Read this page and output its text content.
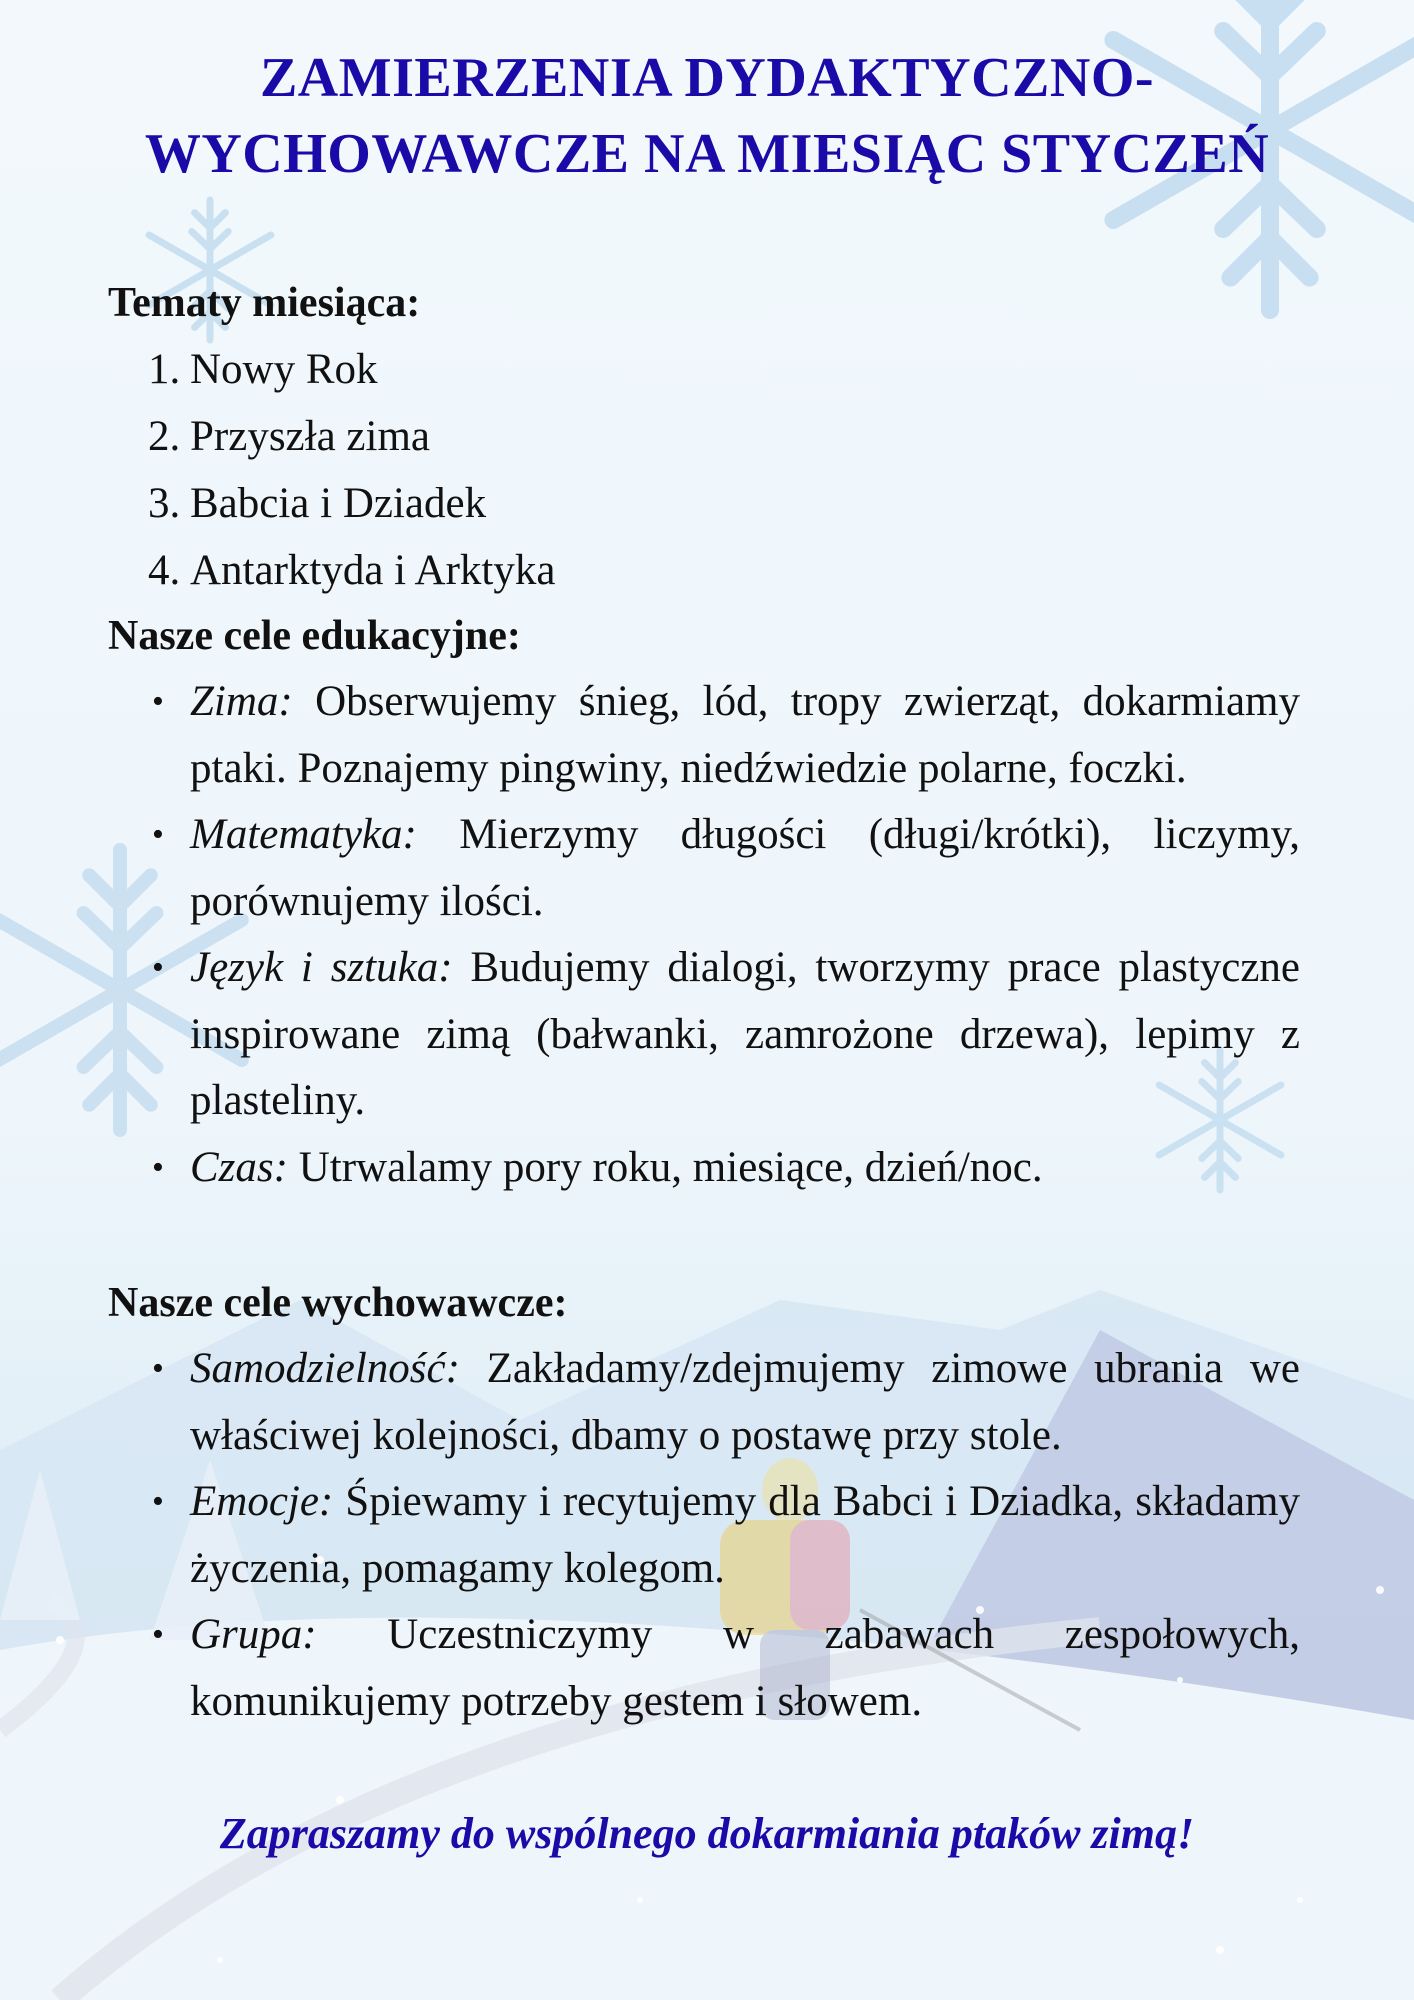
ZAMIERZENIA DYDAKTYCZNO-
WYCHOWAWCZE NA MIESIĄC STYCZEŃ
Tematy miesiąca:
1. Nowy Rok
2. Przyszła zima
3. Babcia i Dziadek
4. Antarktyda i Arktyka
Nasze cele edukacyjne:
• Zima: Obserwujemy śnieg, lód, tropy zwierząt, dokarmiamy ptaki. Poznajemy pingwiny, niedźwiedzie polarne, foczki.
• Matematyka: Mierzymy długości (długi/krótki), liczymy, porównujemy ilości.
• Język i sztuka: Budujemy dialogi, tworzymy prace plastyczne inspirowane zimą (bałwanki, zamrożone drzewa), lepimy z plasteliny.
• Czas: Utrwalamy pory roku, miesiące, dzień/noc.
Nasze cele wychowawcze:
• Samodzielność: Zakładamy/zdejmujemy zimowe ubrania we właściwej kolejności, dbamy o postawę przy stole.
• Emocje: Śpiewamy i recytujemy dla Babci i Dziadka, składamy życzenia, pomagamy kolegom.
• Grupa: Uczestniczymy w zabawach zespołowych, komunikujemy potrzeby gestem i słowem.
Zapraszamy do wspólnego dokarmiania ptaków zimą!
